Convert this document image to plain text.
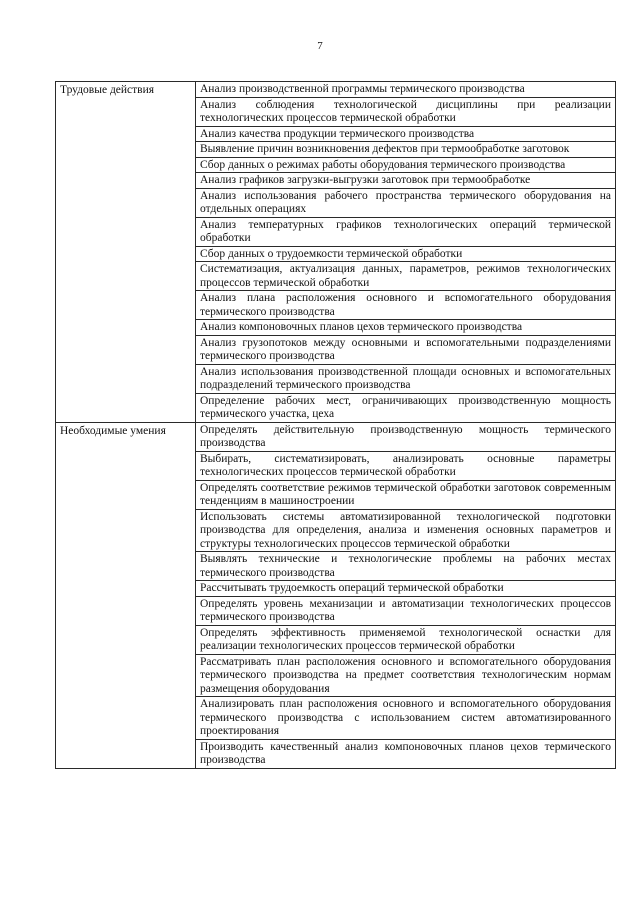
7
Трудовые действия	Анализ производственной программы термического производства
	Анализ соблюдения технологической дисциплины при реализации технологических процессов термической обработки
	Анализ качества продукции термического производства
	Выявление причин возникновения дефектов при термообработке заготовок
	Сбор данных о режимах работы оборудования термического производства
	Анализ графиков загрузки-выгрузки заготовок при термообработке
	Анализ использования рабочего пространства термического оборудования на отдельных операциях
	Анализ температурных графиков технологических операций термической обработки
	Сбор данных о трудоемкости термической обработки
	Систематизация, актуализация данных, параметров, режимов технологических процессов термической обработки
	Анализ плана расположения основного и вспомогательного оборудования термического производства
	Анализ компоновочных планов цехов термического производства
	Анализ грузопотоков между основными и вспомогательными подразделениями термического производства
	Анализ использования производственной площади основных и вспомогательных подразделений термического производства
	Определение рабочих мест, ограничивающих производственную мощность термического участка, цеха
Необходимые умения	Определять действительную производственную мощность термического производства
	Выбирать, систематизировать, анализировать основные параметры технологических процессов термической обработки
	Определять соответствие режимов термической обработки заготовок современным тенденциям в машиностроении
	Использовать системы автоматизированной технологической подготовки производства для определения, анализа и изменения основных параметров и структуры технологических процессов термической обработки
	Выявлять технические и технологические проблемы на рабочих местах термического производства
	Рассчитывать трудоемкость операций термической обработки
	Определять уровень механизации и автоматизации технологических процессов термического производства
	Определять эффективность применяемой технологической оснастки для реализации технологических процессов термической обработки
	Рассматривать план расположения основного и вспомогательного оборудования термического производства на предмет соответствия технологическим нормам размещения оборудования
	Анализировать план расположения основного и вспомогательного оборудования термического производства с использованием систем автоматизированного проектирования
	Производить качественный анализ компоновочных планов цехов термического производства
